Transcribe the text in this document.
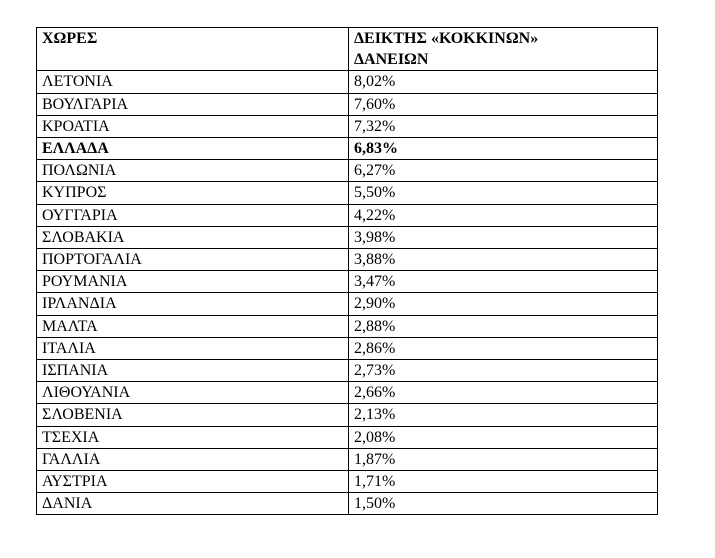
ΧΩΡΕΣ	ΔΕΙΚΤΗΣ «ΚΟΚΚΙΝΩΝ»
ΔΑΝΕΙΩΝ

ΛΕΤΟΝΙΑ	8,02%
ΒΟΥΛΓΑΡΙΑ	7,60%
ΚΡΟΑΤΙΑ	7,32%
ΕΛΛΑΔΑ	6,83%
ΠΟΛΩΝΙΑ	6,27%
ΚΥΠΡΟΣ	5,50%
ΟΥΓΓΑΡΙΑ	4,22%
ΣΛΟΒΑΚΙΑ	3,98%
ΠΟΡΤΟΓΑΛΙΑ	3,88%
ΡΟΥΜΑΝΙΑ	3,47%
ΙΡΛΑΝΔΙΑ	2,90%
ΜΑΛΤΑ	2,88%
ΙΤΑΛΙΑ	2,86%
ΙΣΠΑΝΙΑ	2,73%
ΛΙΘΟΥΑΝΙΑ	2,66%
ΣΛΟΒΕΝΙΑ	2,13%
ΤΣΕΧΙΑ	2,08%
ΓΑΛΛΙΑ	1,87%
ΑΥΣΤΡΙΑ	1,71%
ΔΑΝΙΑ	1,50%
